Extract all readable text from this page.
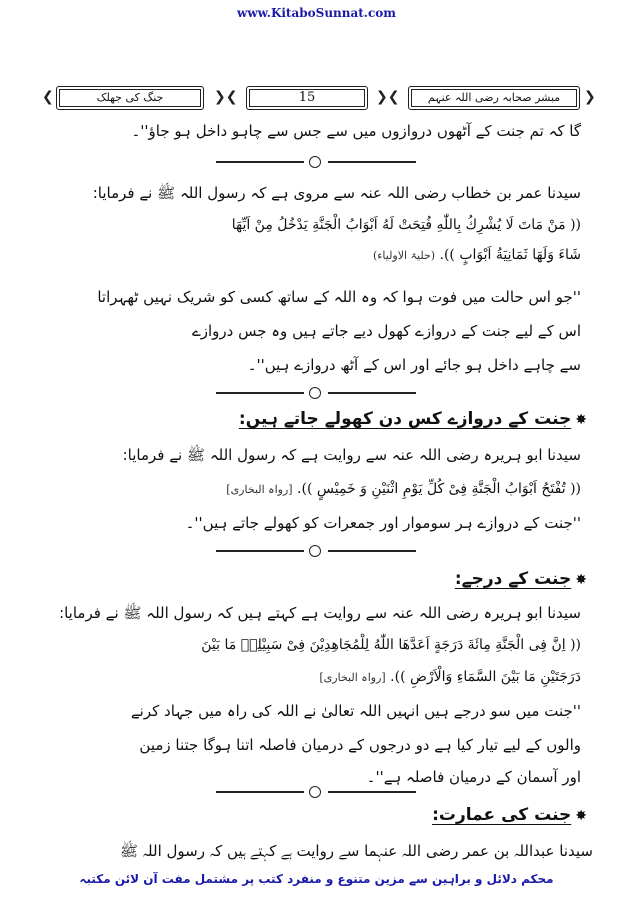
www.KitaboSunnat.com
❮	جنگ کی جھلک	❯❮	15	❯❮	مبشر صحابہ رضی اللہ عنہم	❯
گا کہ تم جنت کے آٹھوں دروازوں میں سے جس سے چاہو داخل ہو جاؤ''۔
سیدنا عمر بن خطاب رضی اللہ عنہ سے مروی ہے کہ رسول اللہ ﷺ نے فرمایا:
(( مَنْ مَاتَ لَا یُشْرِكُ بِاللّٰهِ فُتِحَتْ لَهُ اَبْوَابُ الْجَنَّةِ یَدْخُلُ مِنْ اَیِّهَا
شَاءَ وَلَهَا ثَمَانِیَةُ اَبْوَابٍ )). (حلیۃ الاولیاء)
''جو اس حالت میں فوت ہوا کہ وہ اللہ کے ساتھ کسی کو شریک نہیں ٹھہراتا
اس کے لیے جنت کے دروازے کھول دیے جاتے ہیں وہ جس دروازے
سے چاہے داخل ہو جائے اور اس کے آٹھ دروازے ہیں''۔
✸جنت کے دروازے کس دن کھولے جاتے ہیں:
سیدنا ابو ہریرہ رضی اللہ عنہ سے روایت ہے کہ رسول اللہ ﷺ نے فرمایا:
(( تُفْتَحُ اَبْوَابُ الْجَنَّةِ فِیْ كُلِّ یَوْمِ اثْنَیْنِ وَ خَمِیْسٍ )). [رواہ البخاری]
''جنت کے دروازے ہر سوموار اور جمعرات کو کھولے جاتے ہیں''۔
✸جنت کے درجے:
سیدنا ابو ہریرہ رضی اللہ عنہ سے روایت ہے کہتے ہیں کہ رسول اللہ ﷺ نے فرمایا:
(( اِنَّ فِی الْجَنَّةِ مِائَةَ دَرَجَةٍ اَعَدَّهَا اللّٰهُ لِلْمُجَاهِدِیْنَ فِیْ سَبِیْلِهٖ مَا بَیْنَ
دَرَجَتَیْنِ مَا بَیْنَ السَّمَاءِ وَالْاَرْضِ )). [رواہ البخاری]
''جنت میں سو درجے ہیں انہیں اللہ تعالیٰ نے اللہ کی راہ میں جہاد کرنے
والوں کے لیے تیار کیا ہے دو درجوں کے درمیان فاصلہ اتنا ہوگا جتنا زمین
اور آسمان کے درمیان فاصلہ ہے''۔
✸جنت کی عمارت:
سیدنا عبداللہ بن عمر رضی اللہ عنہما سے روایت ہے کہتے ہیں کہ رسول اللہ ﷺ
محکم دلائل و براہین سے مزین متنوع و منفرد کتب پر مشتمل مفت آن لائن مکتبہ
